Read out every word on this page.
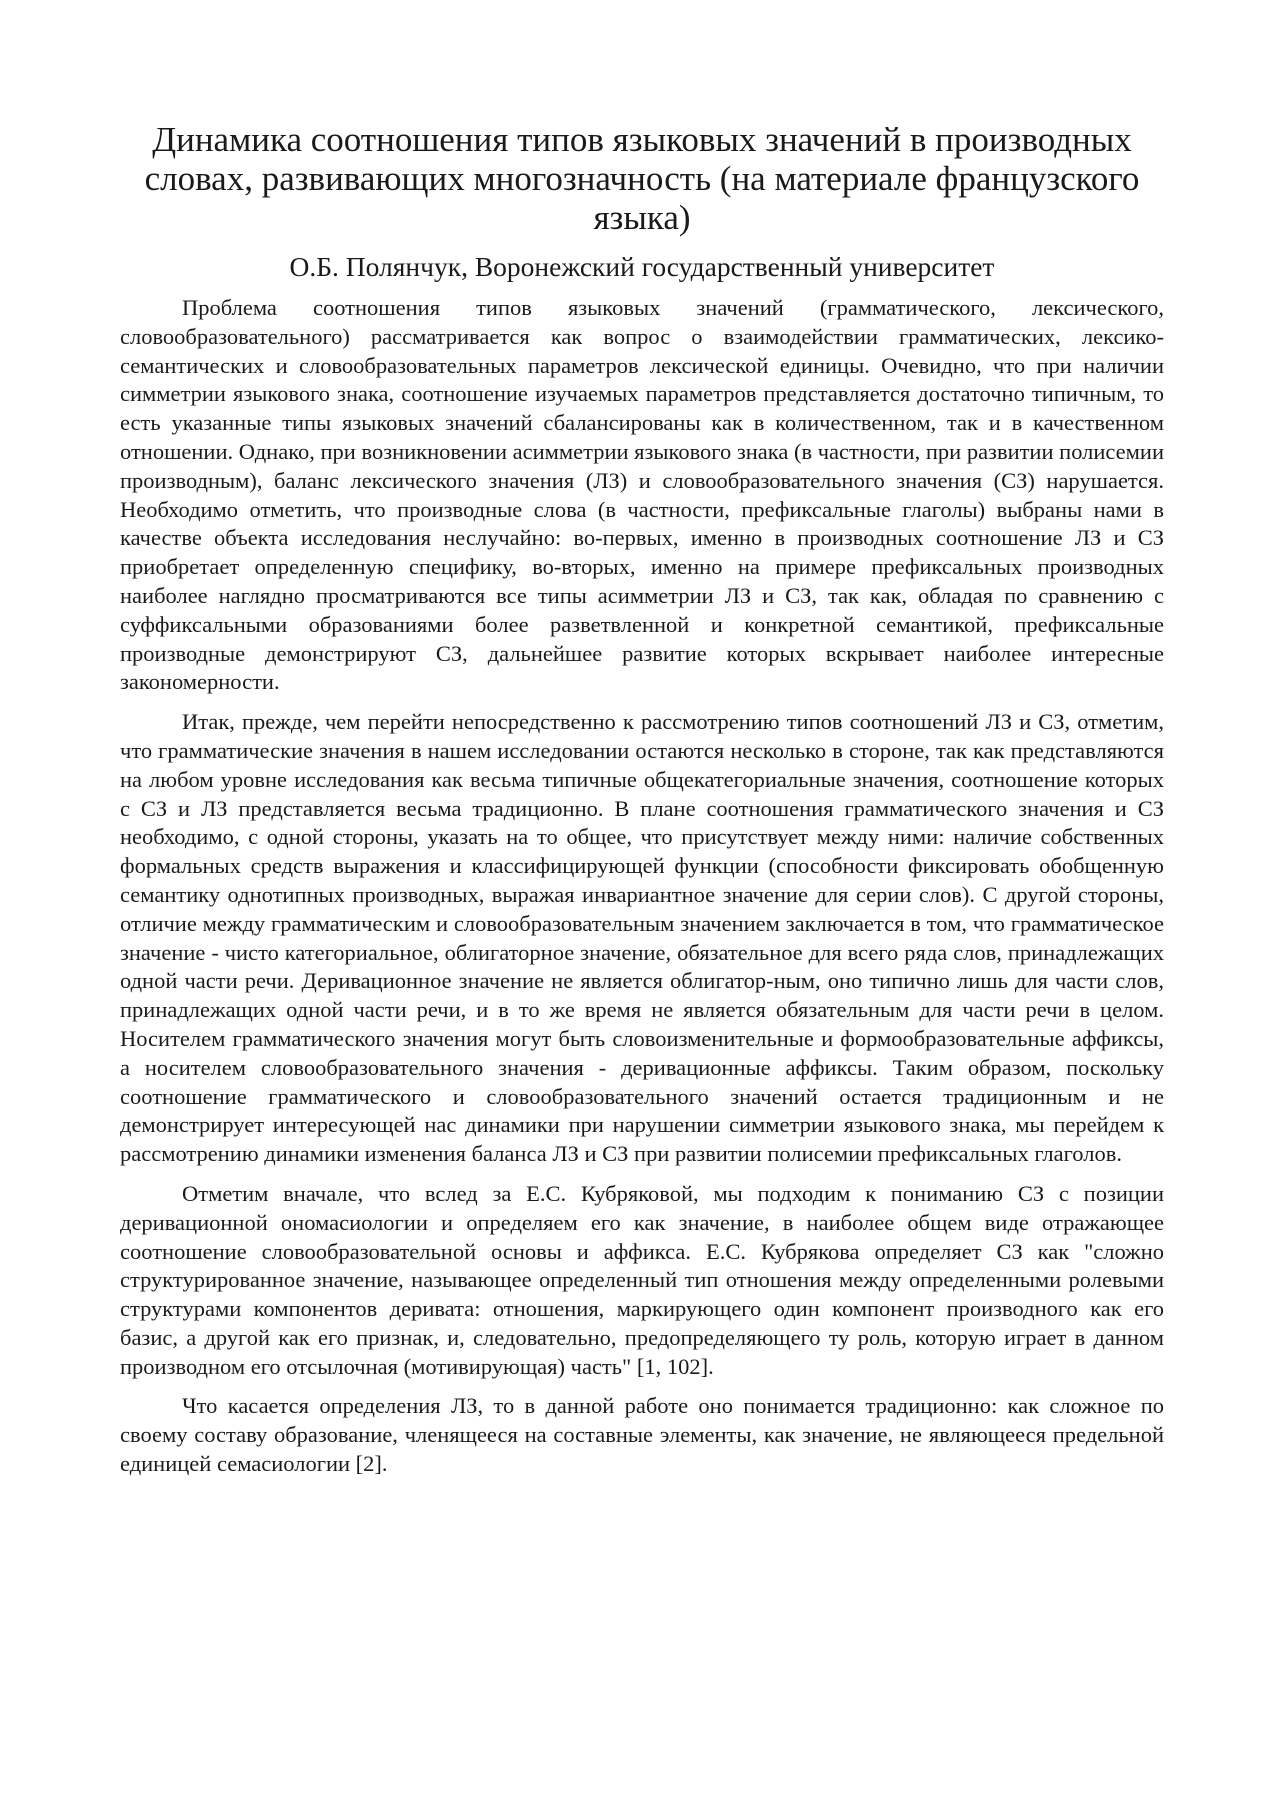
Динамика соотношения типов языковых значений в производных словах, развивающих многозначность (на материале французского языка)
О.Б. Полянчук, Воронежский государственный университет

Проблема соотношения типов языковых значений (грамматического, лексического, словообразовательного) рассматривается как вопрос о взаимодействии грамматических, лексико-семантических и словообразовательных параметров лексической единицы. Очевидно, что при наличии симметрии языкового знака, соотношение изучаемых параметров представляется достаточно типичным, то есть указанные типы языковых значений сбалансированы как в количественном, так и в качественном отношении. Однако, при возникновении асимметрии языкового знака (в частности, при развитии полисемии производным), баланс лексического значения (ЛЗ) и словообразовательного значения (СЗ) нарушается. Необходимо отметить, что производные слова (в частности, префиксальные глаголы) выбраны нами в качестве объекта исследования неслучайно: во-первых, именно в производных соотношение ЛЗ и СЗ приобретает определенную специфику, во-вторых, именно на примере префиксальных производных наиболее наглядно просматриваются все типы асимметрии ЛЗ и СЗ, так как, обладая по сравнению с суффиксальными образованиями более разветвленной и конкретной семантикой, префиксальные производные демонстрируют СЗ, дальнейшее развитие которых вскрывает наиболее интересные закономерности.

Итак, прежде, чем перейти непосредственно к рассмотрению типов соотношений ЛЗ и СЗ, отметим, что грамматические значения в нашем исследовании остаются несколько в стороне, так как представляются на любом уровне исследования как весьма типичные общекатегориальные значения, соотношение которых с СЗ и ЛЗ представляется весьма традиционно. В плане соотношения грамматического значения и СЗ необходимо, с одной стороны, указать на то общее, что присутствует между ними: наличие собственных формальных средств выражения и классифицирующей функции (способности фиксировать обобщенную семантику однотипных производных, выражая инвариантное значение для серии слов). С другой стороны, отличие между грамматическим и словообразовательным значением заключается в том, что грамматическое значение - чисто категориальное, облигаторное значение, обязательное для всего ряда слов, принадлежащих одной части речи. Деривационное значение не является облигатор-ным, оно типично лишь для части слов, принадлежащих одной части речи, и в то же время не является обязательным для части речи в целом. Носителем грамматического значения могут быть словоизменительные и формообразовательные аффиксы, а носителем словообразовательного значения - деривационные аффиксы. Таким образом, поскольку соотношение грамматического и словообразовательного значений остается традиционным и не демонстрирует интересующей нас динамики при нарушении симметрии языкового знака, мы перейдем к рассмотрению динамики изменения баланса ЛЗ и СЗ при развитии полисемии префиксальных глаголов.

Отметим вначале, что вслед за Е.С. Кубряковой, мы подходим к пониманию СЗ с позиции деривационной ономасиологии и определяем его как значение, в наиболее общем виде отражающее соотношение словообразовательной основы и аффикса. Е.С. Кубрякова определяет СЗ как "сложно структурированное значение, называющее определенный тип отношения между определенными ролевыми структурами компонентов деривата: отношения, маркирующего один компонент производного как его базис, а другой как его признак, и, следовательно, предопределяющего ту роль, которую играет в данном производном его отсылочная (мотивирующая) часть" [1, 102].

Что касается определения ЛЗ, то в данной работе оно понимается традиционно: как сложное по своему составу образование, членящееся на составные элементы, как значение, не являющееся предельной единицей семасиологии [2].
